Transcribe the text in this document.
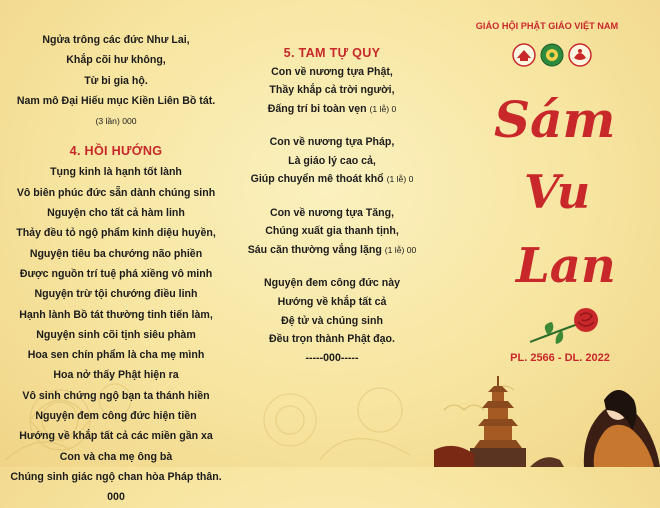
Ngửa trông các đức Như Lai,

Khắp cõi hư không,

Từ bi gia hộ.

Nam mô Đại Hiếu mục Kiền Liên Bồ tát.

(3 lần) 000

4. HỒI HƯỚNG

Tụng kinh là hạnh tốt lành

Vô biên phúc đức sẵn dành chúng sinh

Nguyện cho tất cả hàm linh

Thảy đều tỏ ngộ phẩm kinh diệu huyền,

Nguyện tiêu ba chướng não phiền

Được nguồn trí tuệ phá xiềng vô minh

Nguyện trừ tội chướng điều linh

Hạnh lành Bồ tát thường tinh tiến làm,

Nguyện sinh cõi tịnh siêu phàm

Hoa sen chín phẩm là cha mẹ mình

Hoa nở thấy Phật hiện ra

Vô sinh chứng ngộ bạn ta thánh hiền

Nguyện đem công đức hiện tiền

Hướng về khắp tất cả các miền gần xa

Con và cha mẹ ông bà

Chúng sinh giác ngộ chan hòa Pháp thân.

000

5. TAM TỰ QUY

Con về nương tựa Phật,

Thầy khắp cả trời người,

Đấng trí bi toàn vẹn (1 lễ) 0

Con về nương tựa Pháp,

Là giáo lý cao cả,

Giúp chuyển mê thoát khổ (1 lễ) 0

Con về nương tựa Tăng,

Chúng xuất gia thanh tịnh,

Sáu căn thường vắng lặng (1 lễ) 00

Nguyện đem công đức này

Hướng về khắp tất cả

Đệ tử và chúng sinh

Đều trọn thành Phật đạo.

-----000-----

GIÁO HỘI PHẬT GIÁO VIỆT NAM
Sám
Vu
Lan
PL. 2566 - DL. 2022
